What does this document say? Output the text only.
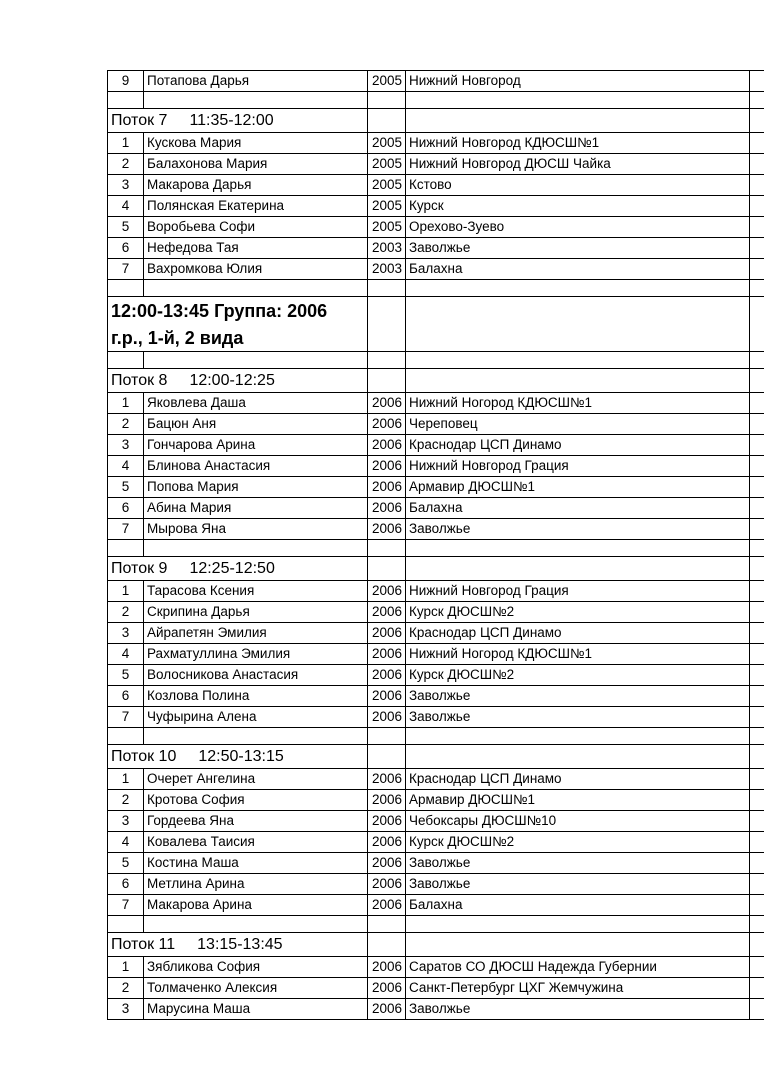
9	Потапова Дарья	2005	Нижний Новгород	

Поток 7 11:35-12:00				
1	Кускова Мария	2005	Нижний Новгород КДЮСШ№1	
2	Балахонова Мария	2005	Нижний Новгород ДЮСШ Чайка	
3	Макарова Дарья	2005	Кстово	
4	Полянская Екатерина	2005	Курск	
5	Воробьева Софи	2005	Орехово-Зуево	
6	Нефедова Тая	2003	Заволжье	
7	Вахромкова Юлия	2003	Балахна	

12:00-13:45 Группа: 2006				
г.р., 1-й, 2 вида				

Поток 8 12:00-12:25				
1	Яковлева Даша	2006	Нижний Ногород КДЮСШ№1	
2	Бацюн Аня	2006	Череповец	
3	Гончарова Арина	2006	Краснодар ЦСП Динамо	
4	Блинова Анастасия	2006	Нижний Новгород Грация	
5	Попова Мария	2006	Армавир ДЮСШ№1	
6	Абина Мария	2006	Балахна	
7	Мырова Яна	2006	Заволжье	

Поток 9 12:25-12:50				
1	Тарасова Ксения	2006	Нижний Новгород Грация	
2	Скрипина Дарья	2006	Курск ДЮСШ№2	
3	Айрапетян Эмилия	2006	Краснодар ЦСП Динамо	
4	Рахматуллина Эмилия	2006	Нижний Ногород КДЮСШ№1	
5	Волосникова Анастасия	2006	Курск ДЮСШ№2	
6	Козлова Полина	2006	Заволжье	
7	Чуфырина Алена	2006	Заволжье	

Поток 10 12:50-13:15				
1	Очерет Ангелина	2006	Краснодар ЦСП Динамо	
2	Кротова София	2006	Армавир ДЮСШ№1	
3	Гордеева Яна	2006	Чебоксары ДЮСШ№10	
4	Ковалева Таисия	2006	Курск ДЮСШ№2	
5	Костина Маша	2006	Заволжье	
6	Метлина Арина	2006	Заволжье	
7	Макарова Арина	2006	Балахна	

Поток 11 13:15-13:45				
1	Зябликова София	2006	Саратов СО ДЮСШ Надежда Губернии	
2	Толмаченко Алексия	2006	Санкт-Петербург ЦХГ Жемчужина	
3	Марусина Маша	2006	Заволжье	
